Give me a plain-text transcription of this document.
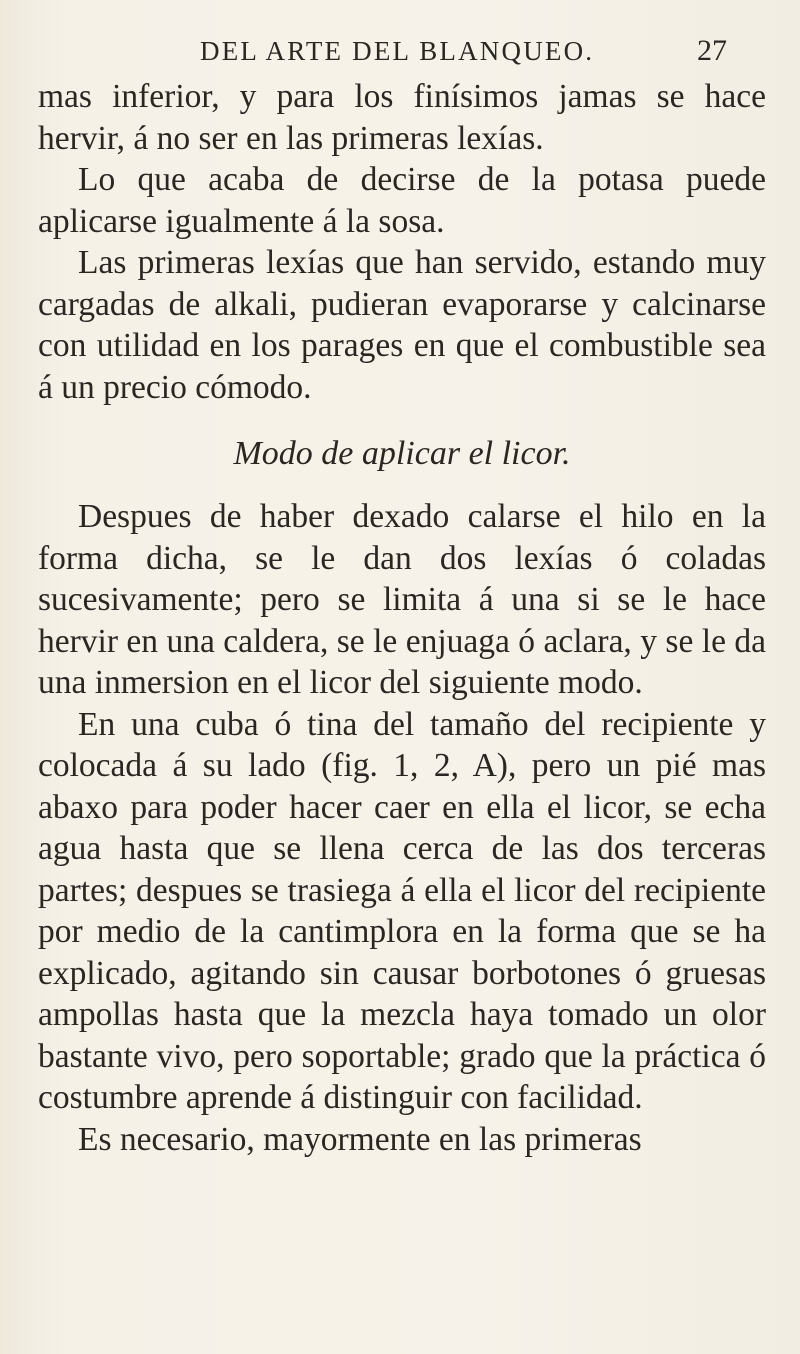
DEL ARTE DEL BLANQUEO.	27

mas inferior, y para los finísimos jamas se hace hervir, á no ser en las primeras lexías.

Lo que acaba de decirse de la potasa puede aplicarse igualmente á la sosa.

Las primeras lexías que han servido, estando muy cargadas de alkali, pudieran evaporarse y calcinarse con utilidad en los parages en que el combustible sea á un precio cómodo.

Modo de aplicar el licor.

Despues de haber dexado calarse el hilo en la forma dicha, se le dan dos lexías ó coladas sucesivamente; pero se limita á una si se le hace hervir en una caldera, se le enjuaga ó aclara, y se le da una inmersion en el licor del siguiente modo.

En una cuba ó tina del tamaño del recipiente y colocada á su lado (fig. 1, 2, A), pero un pié mas abaxo para poder hacer caer en ella el licor, se echa agua hasta que se llena cerca de las dos terceras partes; despues se trasiega á ella el licor del recipiente por medio de la cantimplora en la forma que se ha explicado, agitando sin causar borbotones ó gruesas ampollas hasta que la mezcla haya tomado un olor bastante vivo, pero soportable; grado que la práctica ó costumbre aprende á distinguir con facilidad.

Es necesario, mayormente en las primeras
